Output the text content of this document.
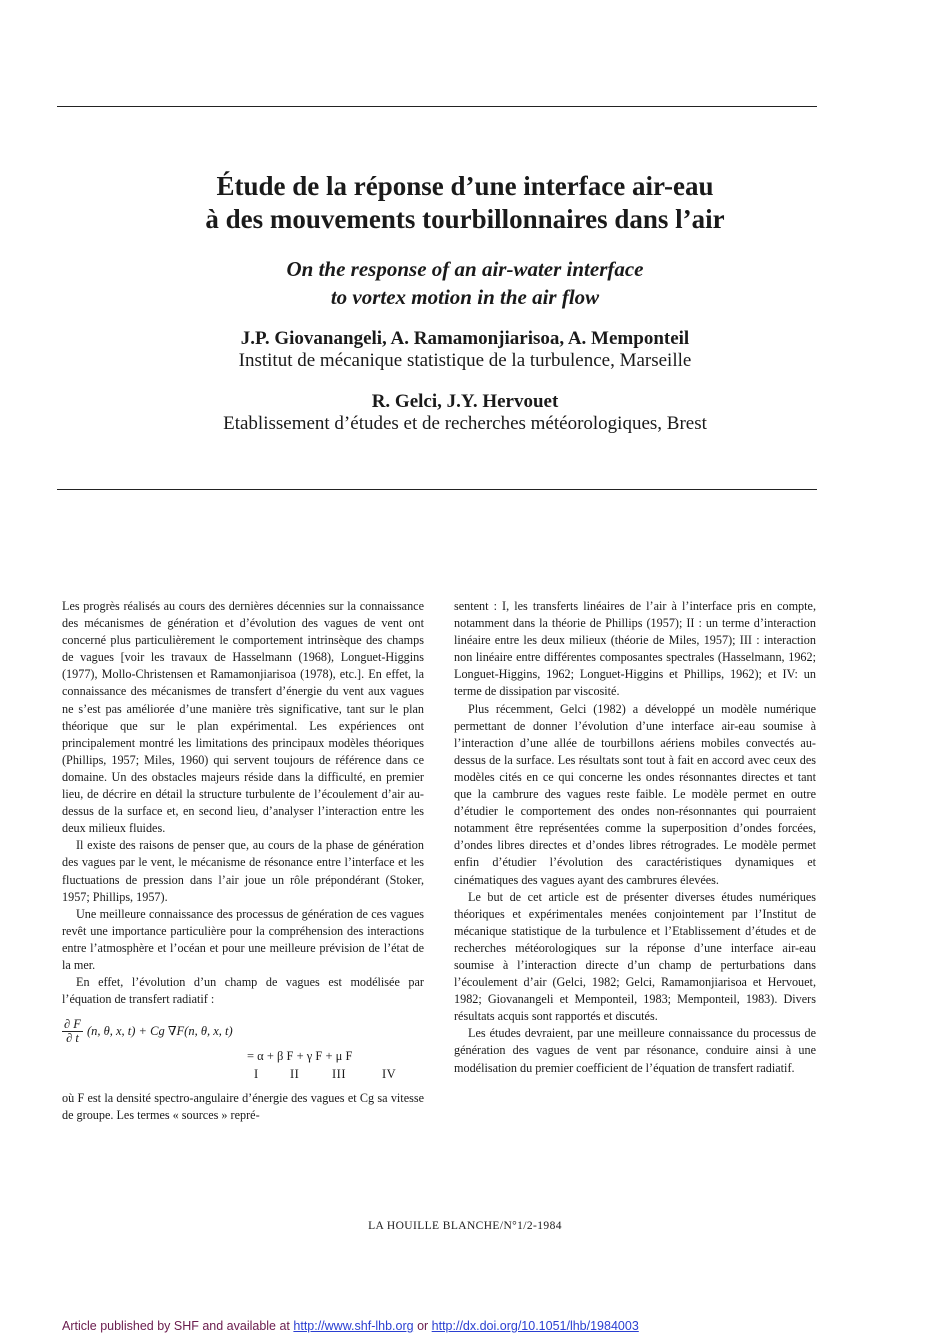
Étude de la réponse d’une interface air-eau
à des mouvements tourbillonnaires dans l’air
On the response of an air-water interface
to vortex motion in the air flow
J.P. Giovanangeli, A. Ramamonjiarisoa, A. Memponteil
Institut de mécanique statistique de la turbulence, Marseille
R. Gelci, J.Y. Hervouet
Etablissement d’études et de recherches météorologiques, Brest

Les progrès réalisés au cours des dernières décennies sur la connaissance des mécanismes de génération et d’évolution des vagues de vent ont concerné plus particulièrement le comportement intrinsèque des champs de vagues [voir les travaux de Hasselmann (1968), Longuet-Higgins (1977), Mollo-Christensen et Ramamonjiarisoa (1978), etc.]. En effet, la connaissance des mécanismes de transfert d’énergie du vent aux vagues ne s’est pas améliorée d’une manière très significative, tant sur le plan théorique que sur le plan expérimental. Les expériences ont principalement montré les limitations des principaux modèles théoriques (Phillips, 1957; Miles, 1960) qui servent toujours de référence dans ce domaine. Un des obstacles majeurs réside dans la difficulté, en premier lieu, de décrire en détail la structure turbulente de l’écoulement d’air au-dessus de la surface et, en second lieu, d’analyser l’interaction entre les deux milieux fluides.

Il existe des raisons de penser que, au cours de la phase de génération des vagues par le vent, le mécanisme de résonance entre l’interface et les fluctuations de pression dans l’air joue un rôle prépondérant (Stoker, 1957; Phillips, 1957).

Une meilleure connaissance des processus de génération de ces vagues revêt une importance particulière pour la compréhension des interactions entre l’atmosphère et l’océan et pour une meilleure prévision de l’état de la mer.

En effet, l’évolution d’un champ de vagues est modélisée par l’équation de transfert radiatif :

$\frac{\partial F}{\partial t} (n$, θ, x, t) + Cg ∇F(n, θ, x, t)
= α + β F + γ F + μ F
I	II	III	IV

où F est la densité spectro-angulaire d’énergie des vagues et Cg sa vitesse de groupe. Les termes « sources » repré-

sentent : I, les transferts linéaires de l’air à l’interface pris en compte, notamment dans la théorie de Phillips (1957); II : un terme d’interaction linéaire entre les deux milieux (théorie de Miles, 1957); III : interaction non linéaire entre différentes composantes spectrales (Hasselmann, 1962; Longuet-Higgins, 1962; Longuet-Higgins et Phillips, 1962); et IV: un terme de dissipation par viscosité.

Plus récemment, Gelci (1982) a développé un modèle numérique permettant de donner l’évolution d’une interface air-eau soumise à l’interaction d’une allée de tourbillons aériens mobiles convectés au-dessus de la surface. Les résultats sont tout à fait en accord avec ceux des modèles cités en ce qui concerne les ondes résonnantes directes et tant que la cambrure des vagues reste faible. Le modèle permet en outre d’étudier le comportement des ondes non-résonnantes qui pourraient notamment être représentées comme la superposition d’ondes forcées, d’ondes libres directes et d’ondes libres rétrogrades. Le modèle permet enfin d’étudier l’évolution des caractéristiques dynamiques et cinématiques des vagues ayant des cambrures élevées.

Le but de cet article est de présenter diverses études numériques théoriques et expérimentales menées conjointement par l’Institut de mécanique statistique de la turbulence et l’Etablissement d’études et de recherches météorologiques sur la réponse d’une interface air-eau soumise à l’interaction directe d’un champ de perturbations dans l’écoulement d’air (Gelci, 1982; Gelci, Ramamonjiarisoa et Hervouet, 1982; Giovanangeli et Memponteil, 1983; Memponteil, 1983). Divers résultats acquis sont rapportés et discutés.

Les études devraient, par une meilleure connaissance du processus de génération des vagues de vent par résonance, conduire ainsi à une modélisation du premier coefficient de l’équation de transfert radiatif.

LA HOUILLE BLANCHE/N°1/2-1984
Article published by SHF and available at http://www.shf-lhb.org or http://dx.doi.org/10.1051/lhb/1984003
